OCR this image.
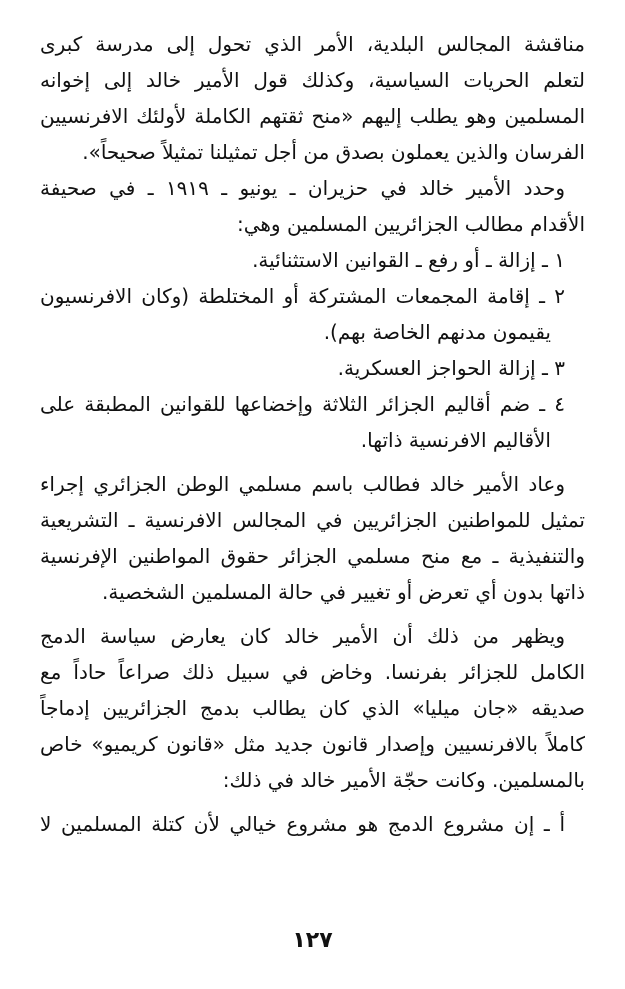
مناقشة المجالس البلدية، الأمر الذي تحول إلى مدرسة كبرى
لتعلم الحريات السياسية، وكذلك قول الأمير خالد إلى إخوانه
المسلمين وهو يطلب إليهم «منح ثقتهم الكاملة لأولئك الافرنسيين
الفرسان والذين يعملون بصدق من أجل تمثيلنا تمثيلاً صحيحاً».
وحدد الأمير خالد في حزيران ـ يونيو ـ ١٩١٩ ـ في صحيفة
الأقدام مطالب الجزائريين المسلمين وهي:
١ ـ إزالة ـ أو رفع ـ القوانين الاستثنائية.
٢ ـ إقامة المجمعات المشتركة أو المختلطة (وكان الافرنسيون
يقيمون مدنهم الخاصة بهم).
٣ ـ إزالة الحواجز العسكرية.
٤ ـ ضم أقاليم الجزائر الثلاثة وإخضاعها للقوانين المطبقة على
الأقاليم الافرنسية ذاتها.
وعاد الأمير خالد فطالب باسم مسلمي الوطن الجزائري إجراء
تمثيل للمواطنين الجزائريين في المجالس الافرنسية ـ التشريعية
والتنفيذية ـ مع منح مسلمي الجزائر حقوق المواطنين الإفرنسية
ذاتها بدون أي تعرض أو تغيير في حالة المسلمين الشخصية.
ويظهر من ذلك أن الأمير خالد كان يعارض سياسة الدمج
الكامل للجزائر بفرنسا. وخاض في سبيل ذلك صراعاً حاداً مع
صديقه «جان ميليا» الذي كان يطالب بدمج الجزائريين إدماجاً
كاملاً بالافرنسيين وإصدار قانون جديد مثل «قانون كريميو» خاص
بالمسلمين. وكانت حجّة الأمير خالد في ذلك:
أ ـ إن مشروع الدمج هو مشروع خيالي لأن كتلة المسلمين لا
١٢٧
